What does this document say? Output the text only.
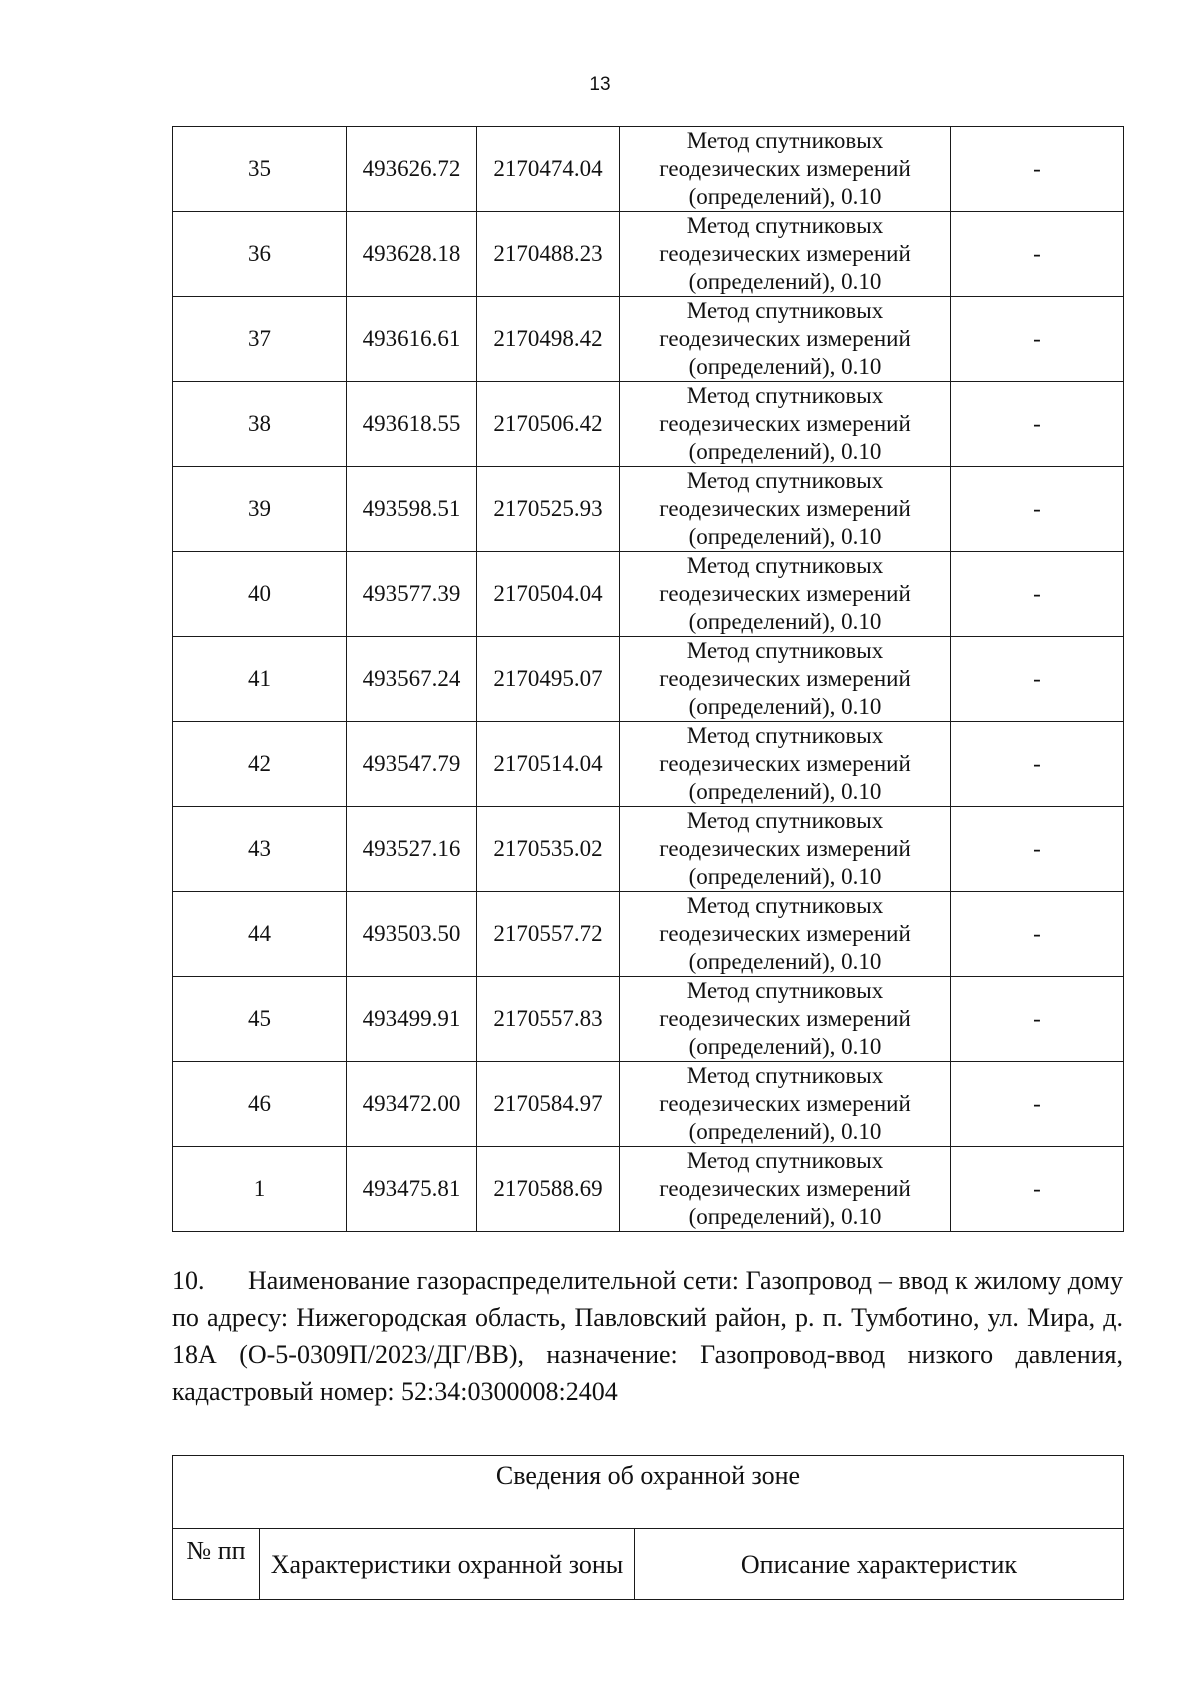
13
35	493626.72	2170474.04	Метод спутниковых
геодезических измерений
(определений), 0.10	-
36	493628.18	2170488.23	Метод спутниковых
геодезических измерений
(определений), 0.10	-
37	493616.61	2170498.42	Метод спутниковых
геодезических измерений
(определений), 0.10	-
38	493618.55	2170506.42	Метод спутниковых
геодезических измерений
(определений), 0.10	-
39	493598.51	2170525.93	Метод спутниковых
геодезических измерений
(определений), 0.10	-
40	493577.39	2170504.04	Метод спутниковых
геодезических измерений
(определений), 0.10	-
41	493567.24	2170495.07	Метод спутниковых
геодезических измерений
(определений), 0.10	-
42	493547.79	2170514.04	Метод спутниковых
геодезических измерений
(определений), 0.10	-
43	493527.16	2170535.02	Метод спутниковых
геодезических измерений
(определений), 0.10	-
44	493503.50	2170557.72	Метод спутниковых
геодезических измерений
(определений), 0.10	-
45	493499.91	2170557.83	Метод спутниковых
геодезических измерений
(определений), 0.10	-
46	493472.00	2170584.97	Метод спутниковых
геодезических измерений
(определений), 0.10	-
1	493475.81	2170588.69	Метод спутниковых
геодезических измерений
(определений), 0.10	-
10. Наименование газораспределительной сети: Газопровод – ввод к жилому дому по адресу: Нижегородская область, Павловский район, р. п. Тумботино, ул. Мира, д. 18А (О-5-0309П/2023/ДГ/ВВ), назначение: Газопровод-ввод низкого давления, кадастровый номер: 52:34:0300008:2404
Сведения об охранной зоне
№ пп	Характеристики охранной зоны	Описание характеристик
